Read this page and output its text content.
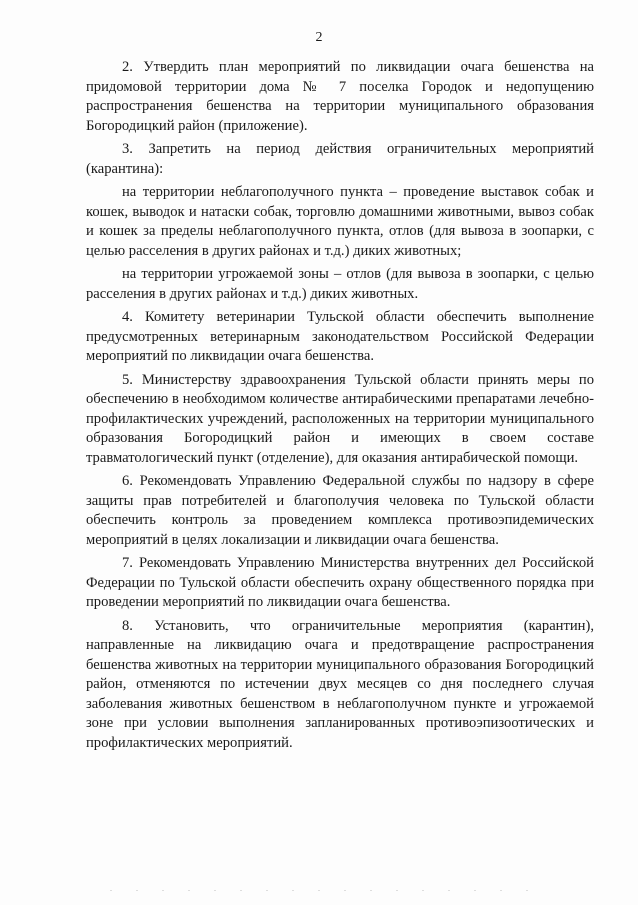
2

2. Утвердить план мероприятий по ликвидации очага бешенства на придомовой территории дома № 7 поселка Городок и недопущению распространения бешенства на территории муниципального образования Богородицкий район (приложение).

3. Запретить на период действия ограничительных мероприятий (карантина):

на территории неблагополучного пункта – проведение выставок собак и кошек, выводок и натаски собак, торговлю домашними животными, вывоз собак и кошек за пределы неблагополучного пункта, отлов (для вывоза в зоопарки, с целью расселения в других районах и т.д.) диких животных;

на территории угрожаемой зоны – отлов (для вывоза в зоопарки, с целью расселения в других районах и т.д.) диких животных.

4. Комитету ветеринарии Тульской области обеспечить выполнение предусмотренных ветеринарным законодательством Российской Федерации мероприятий по ликвидации очага бешенства.

5. Министерству здравоохранения Тульской области принять меры по обеспечению в необходимом количестве антирабическими препаратами лечебно-профилактических учреждений, расположенных на территории муниципального образования Богородицкий район и имеющих в своем составе травматологический пункт (отделение), для оказания антирабической помощи.

6. Рекомендовать Управлению Федеральной службы по надзору в сфере защиты прав потребителей и благополучия человека по Тульской области обеспечить контроль за проведением комплекса противоэпидемических мероприятий в целях локализации и ликвидации очага бешенства.

7. Рекомендовать Управлению Министерства внутренних дел Российской Федерации по Тульской области обеспечить охрану общественного порядка при проведении мероприятий по ликвидации очага бешенства.

8. Установить, что ограничительные мероприятия (карантин), направленные на ликвидацию очага и предотвращение распространения бешенства животных на территории муниципального образования Богородицкий район, отменяются по истечении двух месяцев со дня последнего случая заболевания животных бешенством в неблагополучном пункте и угрожаемой зоне при условии выполнения запланированных противоэпизоотических и профилактических мероприятий.
